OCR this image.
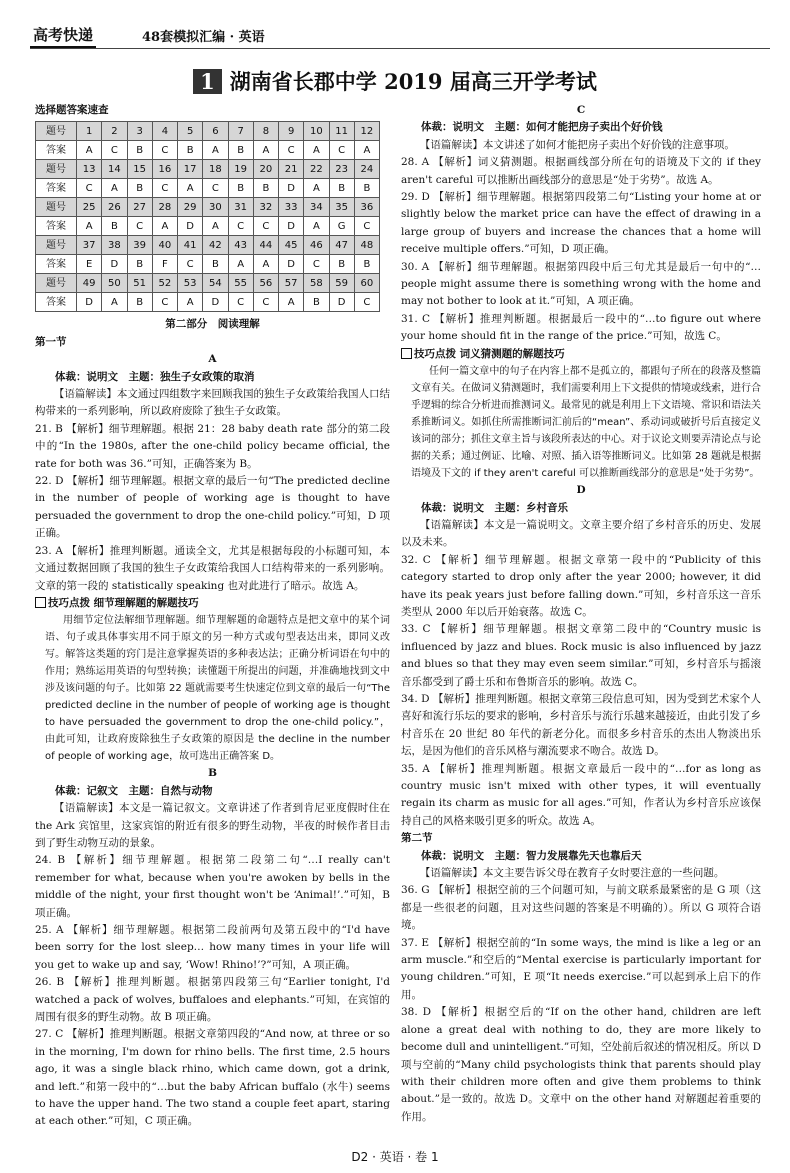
高考快递	48套模拟汇编 · 英语
1 湖南省长郡中学 2019 届高三开学考试

选择题答案速查

题号	1	2	3	4	5	6	7	8	9	10	11	12
答案	A	C	B	C	B	A	B	A	C	A	C	A
题号	13	14	15	16	17	18	19	20	21	22	23	24
答案	C	A	B	C	A	C	B	B	D	A	B	B
题号	25	26	27	28	29	30	31	32	33	34	35	36
答案	A	B	C	A	D	A	C	C	D	A	G	C
题号	37	38	39	40	41	42	43	44	45	46	47	48
答案	E	D	B	F	C	B	A	A	D	C	B	B
题号	49	50	51	52	53	54	55	56	57	58	59	60
答案	D	A	B	C	A	D	C	C	A	B	D	C

第二部分　阅读理解

第一节

A

体裁：说明文　主题：独生子女政策的取消

【语篇解读】本文通过四组数字来回顾我国的独生子女政策给我国人口结构带来的一系列影响，所以政府废除了独生子女政策。

21. B 【解析】细节理解题。根据 21：28 baby death rate 部分的第二段中的“In the 1980s, after the one-child policy became official, the rate for both was 36.”可知，正确答案为 B。

22. D 【解析】细节理解题。根据文章的最后一句“The predicted decline in the number of people of working age is thought to have persuaded the government to drop the one-child policy.”可知，D 项正确。

23. A 【解析】推理判断题。通读全文，尤其是根据每段的小标题可知，本文通过数据回顾了我国的独生子女政策给我国人口结构带来的一系列影响。文章的第一段的 statistically speaking 也对此进行了暗示。故选 A。

技巧点拨 细节理解题的解题技巧

用细节定位法解细节理解题。细节理解题的命题特点是把文章中的某个词语、句子或具体事实用不同于原文的另一种方式或句型表达出来，即同义改写。解答这类题的窍门是注意掌握英语的多种表达法；正确分析词语在句中的作用；熟练运用英语的句型转换；读懂题干所提出的问题，并准确地找到文中涉及该问题的句子。比如第 22 题就需要考生快速定位到文章的最后一句“The predicted decline in the number of people of working age is thought to have persuaded the government to drop the one-child policy.”，由此可知，让政府废除独生子女政策的原因是 the decline in the number of people of working age，故可选出正确答案 D。

B

体裁：记叙文　主题：自然与动物

【语篇解读】本文是一篇记叙文。文章讲述了作者到肯尼亚度假时住在 the Ark 宾馆里，这家宾馆的附近有很多的野生动物，半夜的时候作者目击到了野生动物互动的景象。

24. B 【解析】细节理解题。根据第二段第二句“…I really can't remember for what, because when you're awoken by bells in the middle of the night, your first thought won't be ‘Animal!’.”可知，B 项正确。

25. A 【解析】细节理解题。根据第二段前两句及第五段中的“I'd have been sorry for the lost sleep… how many times in your life will you get to wake up and say, ‘Wow! Rhino!’?”可知，A 项正确。

26. B 【解析】推理判断题。根据第四段第三句“Earlier tonight, I'd watched a pack of wolves, buffaloes and elephants.”可知，在宾馆的周围有很多的野生动物。故 B 项正确。

27. C 【解析】推理判断题。根据文章第四段的“And now, at three or so in the morning, I'm down for rhino bells. The first time, 2.5 hours ago, it was a single black rhino, which came down, got a drink, and left.”和第一段中的“…but the baby African buffalo (水牛) seems to have the upper hand. The two stand a couple feet apart, staring at each other.”可知，C 项正确。

C

体裁：说明文　主题：如何才能把房子卖出个好价钱

【语篇解读】本文讲述了如何才能把房子卖出个好价钱的注意事项。

28. A 【解析】词义猜测题。根据画线部分所在句的语境及下文的 if they aren't careful 可以推断出画线部分的意思是“处于劣势”。故选 A。

29. D 【解析】细节理解题。根据第四段第二句“Listing your home at or slightly below the market price can have the effect of drawing in a large group of buyers and increase the chances that a home will receive multiple offers.”可知，D 项正确。

30. A 【解析】细节理解题。根据第四段中后三句尤其是最后一句中的“…people might assume there is something wrong with the home and may not bother to look at it.”可知，A 项正确。

31. C 【解析】推理判断题。根据最后一段中的“…to figure out where your home should fit in the range of the price.”可知，故选 C。

技巧点拨 词义猜测题的解题技巧

任何一篇文章中的句子在内容上都不是孤立的，都跟句子所在的段落及整篇文章有关。在做词义猜测题时，我们需要利用上下文提供的情境或线索，进行合乎逻辑的综合分析进而推测词义。最常见的就是利用上下文语境、常识和语法关系推断词义。如抓住所需推断词汇前后的“mean”、系动词或破折号后直接定义该词的部分；抓住文章主旨与该段所表达的中心。对于议论文则要弄清论点与论据的关系；通过例证、比喻、对照、插入语等推断词义。比如第 28 题就是根据语境及下文的 if they aren't careful 可以推断画线部分的意思是“处于劣势”。

D

体裁：说明文　主题：乡村音乐

【语篇解读】本文是一篇说明文。文章主要介绍了乡村音乐的历史、发展以及未来。

32. C 【解析】细节理解题。根据文章第一段中的“Publicity of this category started to drop only after the year 2000; however, it did have its peak years just before falling down.”可知，乡村音乐这一音乐类型从 2000 年以后开始衰落。故选 C。

33. C 【解析】细节理解题。根据文章第二段中的“Country music is influenced by jazz and blues. Rock music is also influenced by jazz and blues so that they may even seem similar.”可知，乡村音乐与摇滚音乐都受到了爵士乐和布鲁斯音乐的影响。故选 C。

34. D 【解析】推理判断题。根据文章第三段信息可知，因为受到艺术家个人喜好和流行乐坛的要求的影响，乡村音乐与流行乐越来越接近，由此引发了乡村音乐在 20 世纪 80 年代的新老分化。而很多乡村音乐的杰出人物淡出乐坛，是因为他们的音乐风格与潮流要求不吻合。故选 D。

35. A 【解析】推理判断题。根据文章最后一段中的“…for as long as country music isn't mixed with other types, it will eventually regain its charm as music for all ages.”可知，作者认为乡村音乐应该保持自己的风格来吸引更多的听众。故选 A。

第二节

体裁：说明文　主题：智力发展靠先天也靠后天

【语篇解读】本文主要告诉父母在教育子女时要注意的一些问题。

36. G 【解析】根据空前的三个问题可知，与前文联系最紧密的是 G 项（这都是一些很老的问题，且对这些问题的答案是不明确的）。所以 G 项符合语境。

37. E 【解析】根据空前的“In some ways, the mind is like a leg or an arm muscle.”和空后的“Mental exercise is particularly important for young children.”可知，E 项“It needs exercise.”可以起到承上启下的作用。

38. D 【解析】根据空后的“If on the other hand, children are left alone a great deal with nothing to do, they are more likely to become dull and unintelligent.”可知，空处前后叙述的情况相反。所以 D 项与空前的“Many child psychologists think that parents should play with their children more often and give them problems to think about.”是一致的。故选 D。文章中 on the other hand 对解题起着重要的作用。

D2 · 英语 · 卷 1
